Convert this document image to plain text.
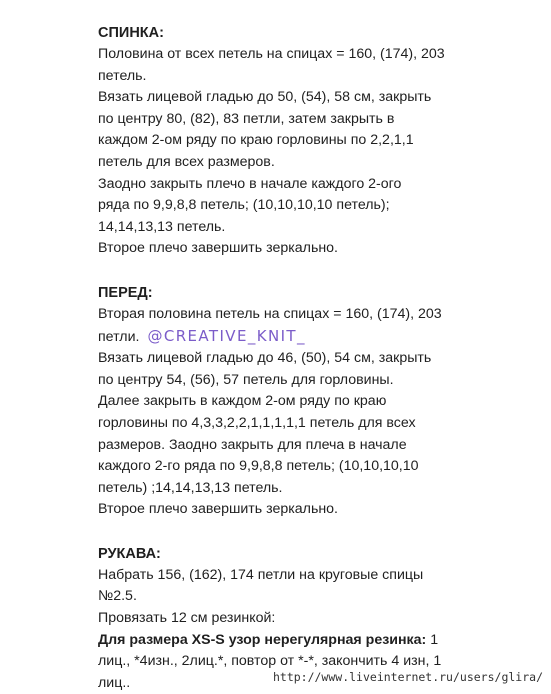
СПИНКА:

Половина от всех петель на спицах = 160, (174), 203

петель.

Вязать лицевой гладью до 50, (54), 58 см, закрыть

по центру 80, (82), 83 петли, затем закрыть в

каждом 2-ом ряду по краю горловины по 2,2,1,1

петель для всех размеров.

Заодно закрыть плечо в начале каждого 2-ого

ряда по 9,9,8,8 петель; (10,10,10,10 петель);

14,14,13,13 петель.

Второе плечо завершить зеркально.

ПЕРЕД:

Вторая половина петель на спицах = 160, (174), 203

петли. @CREATIVE_KNIT_

Вязать лицевой гладью до 46, (50), 54 см, закрыть

по центру 54, (56), 57 петель для горловины.

Далее закрыть в каждом 2-ом ряду по краю

горловины по 4,3,3,2,2,1,1,1,1,1 петель для всех

размеров. Заодно закрыть для плеча в начале

каждого 2-го ряда по 9,9,8,8 петель; (10,10,10,10

петель) ;14,14,13,13 петель.

Второе плечо завершить зеркально.

РУКАВА:

Набрать 156, (162), 174 петли на круговые спицы

№2.5.

Провязать 12 см резинкой:

Для размера XS-S узор нерегулярная резинка: 1

лиц., *4изн., 2лиц.*, повтор от *-*, закончить 4 изн, 1

лиц..	http://www.liveinternet.ru/users/glira/
